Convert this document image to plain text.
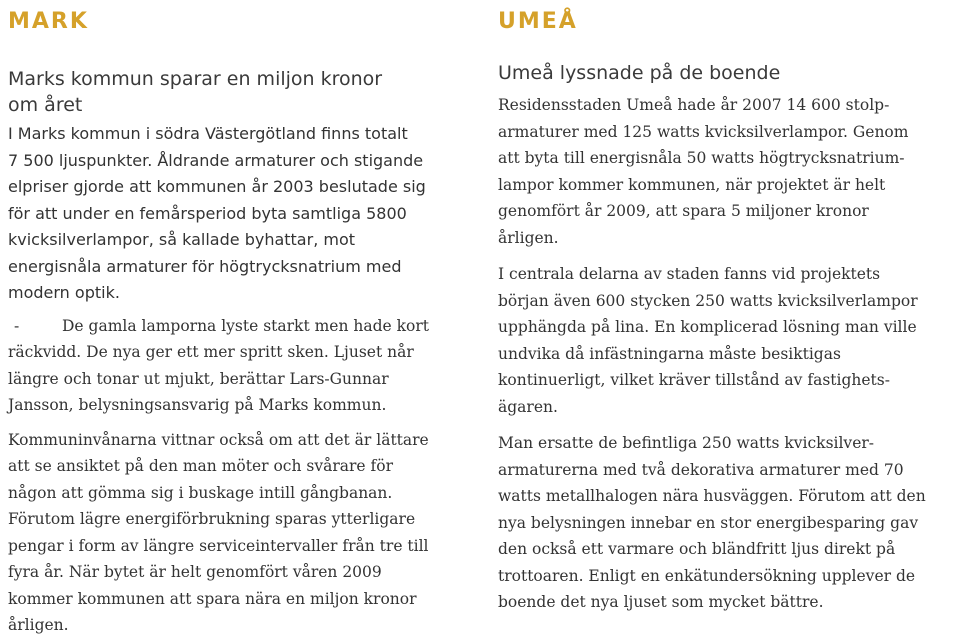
MARK
Marks kommun sparar en miljon kronor
om året
I Marks kommun i södra Västergötland finns totalt
7 500 ljuspunkter. Åldrande armaturer och stigande
elpriser gjorde att kommunen år 2003 beslutade sig
för att under en femårsperiod byta samtliga 5800
kvicksilverlampor, så kallade byhattar, mot
energisnåla armaturer för högtrycksnatrium med
modern optik.
-	De gamla lamporna lyste starkt men hade kort
räckvidd. De nya ger ett mer spritt sken. Ljuset når
längre och tonar ut mjukt, berättar Lars-Gunnar
Jansson, belysningsansvarig på Marks kommun.
Kommuninvånarna vittnar också om att det är lättare
att se ansiktet på den man möter och svårare för
någon att gömma sig i buskage intill gångbanan.
Förutom lägre energiförbrukning sparas ytterligare
pengar i form av längre serviceintervaller från tre till
fyra år. När bytet är helt genomfört våren 2009
kommer kommunen att spara nära en miljon kronor
årligen.
UMEÅ
Umeå lyssnade på de boende
Residensstaden Umeå hade år 2007 14 600 stolp-
armaturer med 125 watts kvicksilverlampor. Genom
att byta till energisnåla 50 watts högtrycksnatrium-
lampor kommer kommunen, när projektet är helt
genomfört år 2009, att spara 5 miljoner kronor
årligen.
I centrala delarna av staden fanns vid projektets
början även 600 stycken 250 watts kvicksilverlampor
upphängda på lina. En komplicerad lösning man ville
undvika då infästningarna måste besiktigas
kontinuerligt, vilket kräver tillstånd av fastighets-
ägaren.
Man ersatte de befintliga 250 watts kvicksilver-
armaturerna med två dekorativa armaturer med 70
watts metallhalogen nära husväggen. Förutom att den
nya belysningen innebar en stor energibesparing gav
den också ett varmare och bländfritt ljus direkt på
trottoaren. Enligt en enkätundersökning upplever de
boende det nya ljuset som mycket bättre.
